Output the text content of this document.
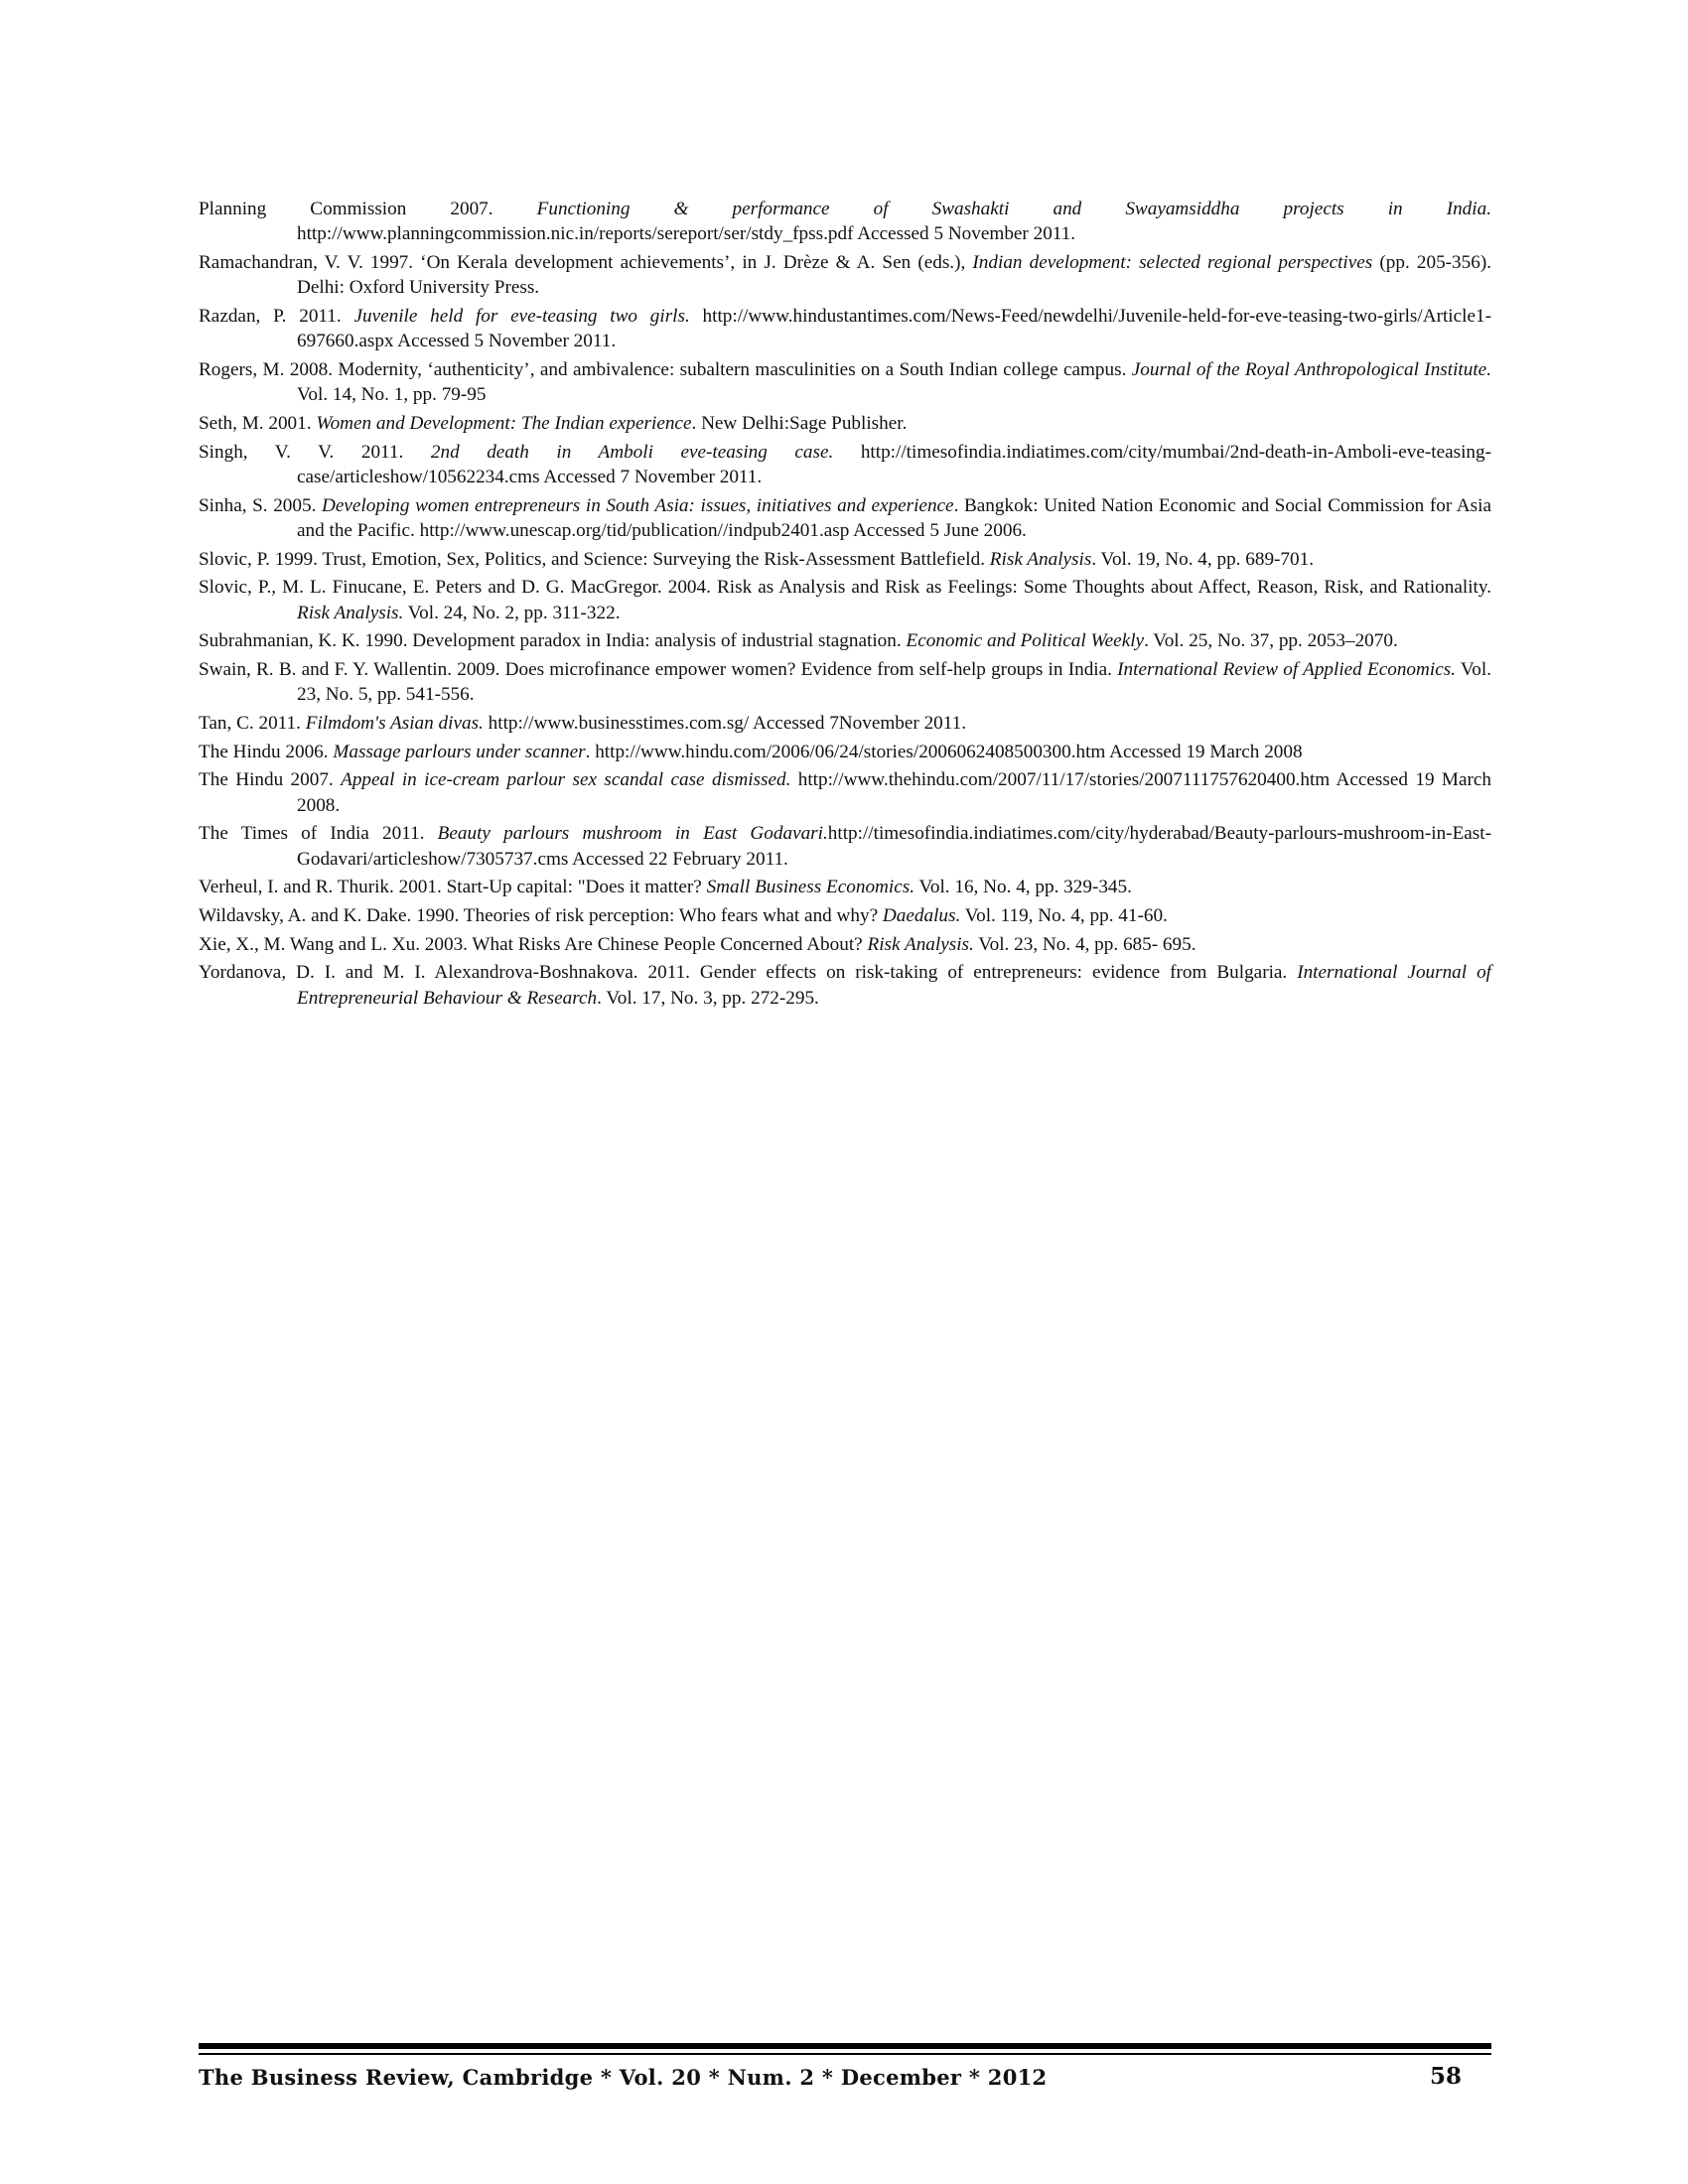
Planning Commission 2007. Functioning & performance of Swashakti and Swayamsiddha projects in India. http://www.planningcommission.nic.in/reports/sereport/ser/stdy_fpss.pdf Accessed 5 November 2011.
Ramachandran, V. V. 1997. ‘On Kerala development achievements’, in J. Drèze & A. Sen (eds.), Indian development: selected regional perspectives (pp. 205-356). Delhi: Oxford University Press.
Razdan, P. 2011. Juvenile held for eve-teasing two girls. http://www.hindustantimes.com/News-Feed/newdelhi/Juvenile-held-for-eve-teasing-two-girls/Article1-697660.aspx Accessed 5 November 2011.
Rogers, M. 2008. Modernity, ‘authenticity’, and ambivalence: subaltern masculinities on a South Indian college campus. Journal of the Royal Anthropological Institute. Vol. 14, No. 1, pp. 79-95
Seth, M. 2001. Women and Development: The Indian experience. New Delhi:Sage Publisher.
Singh, V. V. 2011. 2nd death in Amboli eve-teasing case. http://timesofindia.indiatimes.com/city/mumbai/2nd-death-in-Amboli-eve-teasing-case/articleshow/10562234.cms Accessed 7 November 2011.
Sinha, S. 2005. Developing women entrepreneurs in South Asia: issues, initiatives and experience. Bangkok: United Nation Economic and Social Commission for Asia and the Pacific. http://www.unescap.org/tid/publication//indpub2401.asp Accessed 5 June 2006.
Slovic, P. 1999. Trust, Emotion, Sex, Politics, and Science: Surveying the Risk-Assessment Battlefield. Risk Analysis. Vol. 19, No. 4, pp. 689-701.
Slovic, P., M. L. Finucane, E. Peters and D. G. MacGregor. 2004. Risk as Analysis and Risk as Feelings: Some Thoughts about Affect, Reason, Risk, and Rationality. Risk Analysis. Vol. 24, No. 2, pp. 311-322.
Subrahmanian, K. K. 1990. Development paradox in India: analysis of industrial stagnation. Economic and Political Weekly. Vol. 25, No. 37, pp. 2053–2070.
Swain, R. B. and F. Y. Wallentin. 2009. Does microfinance empower women? Evidence from self-help groups in India. International Review of Applied Economics. Vol. 23, No. 5, pp. 541-556.
Tan, C. 2011. Filmdom's Asian divas. http://www.businesstimes.com.sg/ Accessed 7November 2011.
The Hindu 2006. Massage parlours under scanner. http://www.hindu.com/2006/06/24/stories/2006062408500300.htm Accessed 19 March 2008
The Hindu 2007. Appeal in ice-cream parlour sex scandal case dismissed. http://www.thehindu.com/2007/11/17/stories/2007111757620400.htm Accessed 19 March 2008.
The Times of India 2011. Beauty parlours mushroom in East Godavari.http://timesofindia.indiatimes.com/city/hyderabad/Beauty-parlours-mushroom-in-East-Godavari/articleshow/7305737.cms Accessed 22 February 2011.
Verheul, I. and R. Thurik. 2001. Start-Up capital: "Does it matter? Small Business Economics. Vol. 16, No. 4, pp. 329-345.
Wildavsky, A. and K. Dake. 1990. Theories of risk perception: Who fears what and why? Daedalus. Vol. 119, No. 4, pp. 41-60.
Xie, X., M. Wang and L. Xu. 2003. What Risks Are Chinese People Concerned About? Risk Analysis. Vol. 23, No. 4, pp. 685- 695.
Yordanova, D. I. and M. I. Alexandrova-Boshnakova. 2011. Gender effects on risk-taking of entrepreneurs: evidence from Bulgaria. International Journal of Entrepreneurial Behaviour & Research. Vol. 17, No. 3, pp. 272-295.
The Business Review, Cambridge * Vol. 20 * Num. 2 * December * 2012	58
